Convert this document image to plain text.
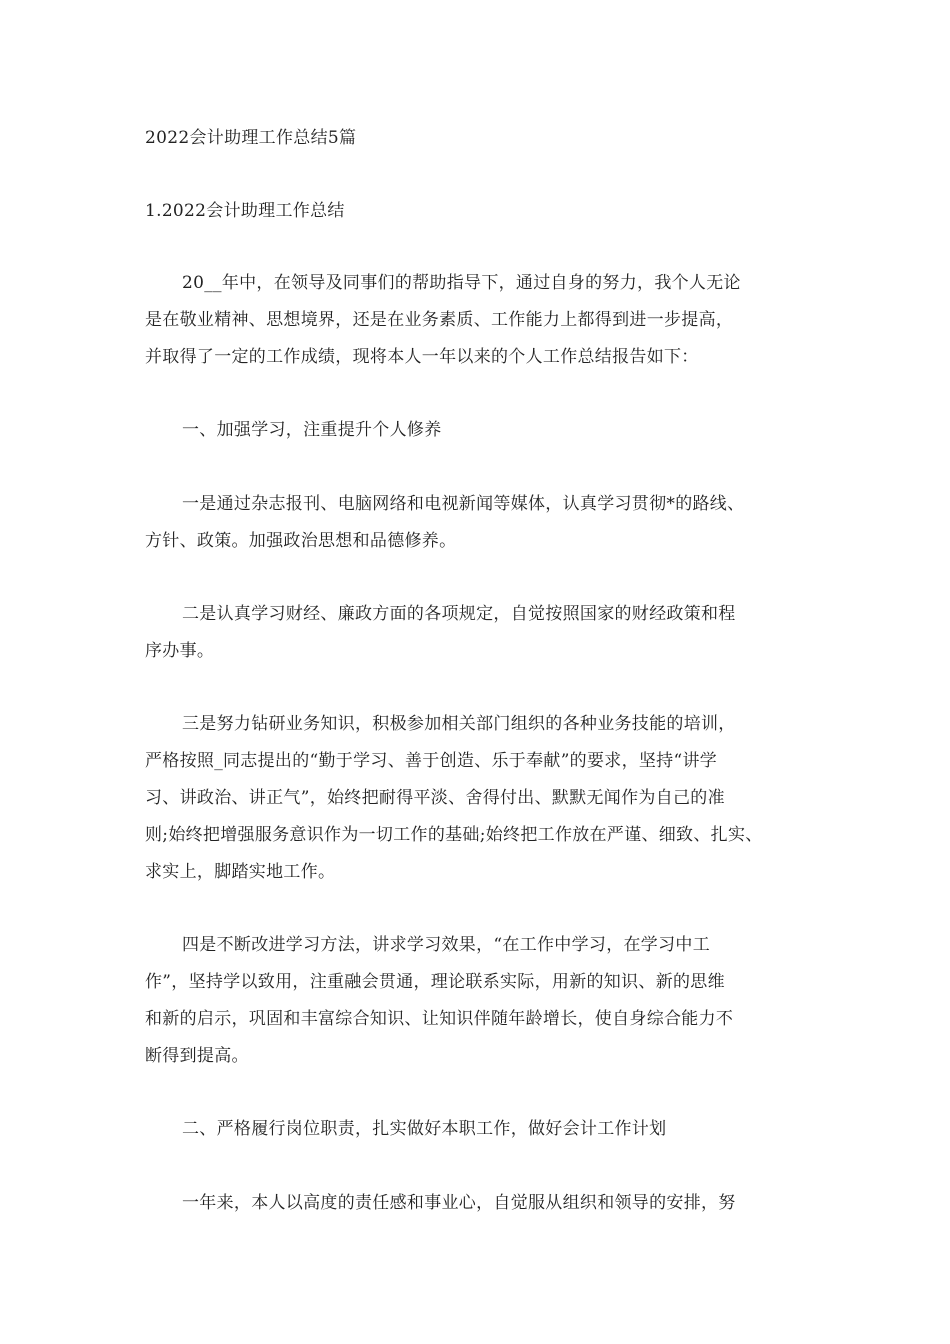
2022会计助理工作总结5篇
1.2022会计助理工作总结
20__年中，在领导及同事们的帮助指导下，通过自身的努力，我个人无论
是在敬业精神、思想境界，还是在业务素质、工作能力上都得到进一步提高，
并取得了一定的工作成绩，现将本人一年以来的个人工作总结报告如下：
一、加强学习，注重提升个人修养
一是通过杂志报刊、电脑网络和电视新闻等媒体，认真学习贯彻*的路线、
方针、政策。加强政治思想和品德修养。
二是认真学习财经、廉政方面的各项规定，自觉按照国家的财经政策和程
序办事。
三是努力钻研业务知识，积极参加相关部门组织的各种业务技能的培训，
严格按照_同志提出的“勤于学习、善于创造、乐于奉献”的要求，坚持“讲学
习、讲政治、讲正气”，始终把耐得平淡、舍得付出、默默无闻作为自己的准
则;始终把增强服务意识作为一切工作的基础;始终把工作放在严谨、细致、扎实、
求实上，脚踏实地工作。
四是不断改进学习方法，讲求学习效果，“在工作中学习，在学习中工
作”，坚持学以致用，注重融会贯通，理论联系实际，用新的知识、新的思维
和新的启示，巩固和丰富综合知识、让知识伴随年龄增长，使自身综合能力不
断得到提高。
二、严格履行岗位职责，扎实做好本职工作，做好会计工作计划
一年来，本人以高度的责任感和事业心，自觉服从组织和领导的安排，努
